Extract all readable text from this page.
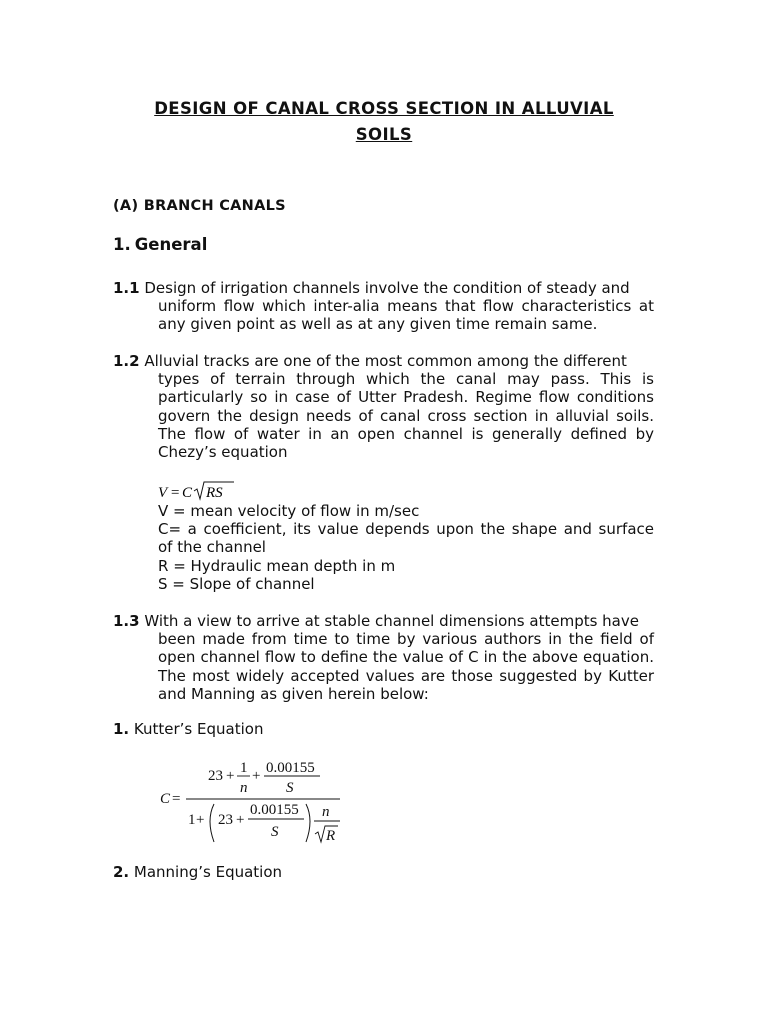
DESIGN OF CANAL CROSS SECTION IN ALLUVIAL
SOILS
(A) BRANCH CANALS
1. General
1.1 Design of irrigation channels involve the condition of steady and
uniform flow which inter-alia means that flow characteristics at any given point as well as at any given time remain same.
1.2 Alluvial tracks are one of the most common among the different
types of terrain through which the canal may pass. This is particularly so in case of Utter Pradesh. Regime flow conditions govern the design needs of canal cross section in alluvial soils. The flow of water in an open channel is generally defined by Chezy’s equation
V = C RS
V = mean velocity of flow in m/sec
C= a coefficient, its value depends upon the shape and surface of the channel
R = Hydraulic mean depth in m
S = Slope of channel
1.3 With a view to arrive at stable channel dimensions attempts have
been made from time to time by various authors in the field of open channel flow to define the value of C in the above equation. The most widely accepted values are those suggested by Kutter and Manning as given herein below:
1. Kutter’s Equation
C =
23 + 1
n
+ 0.00155
S
1 + 23 +
0.00155
S
n
R
2. Manning’s Equation
